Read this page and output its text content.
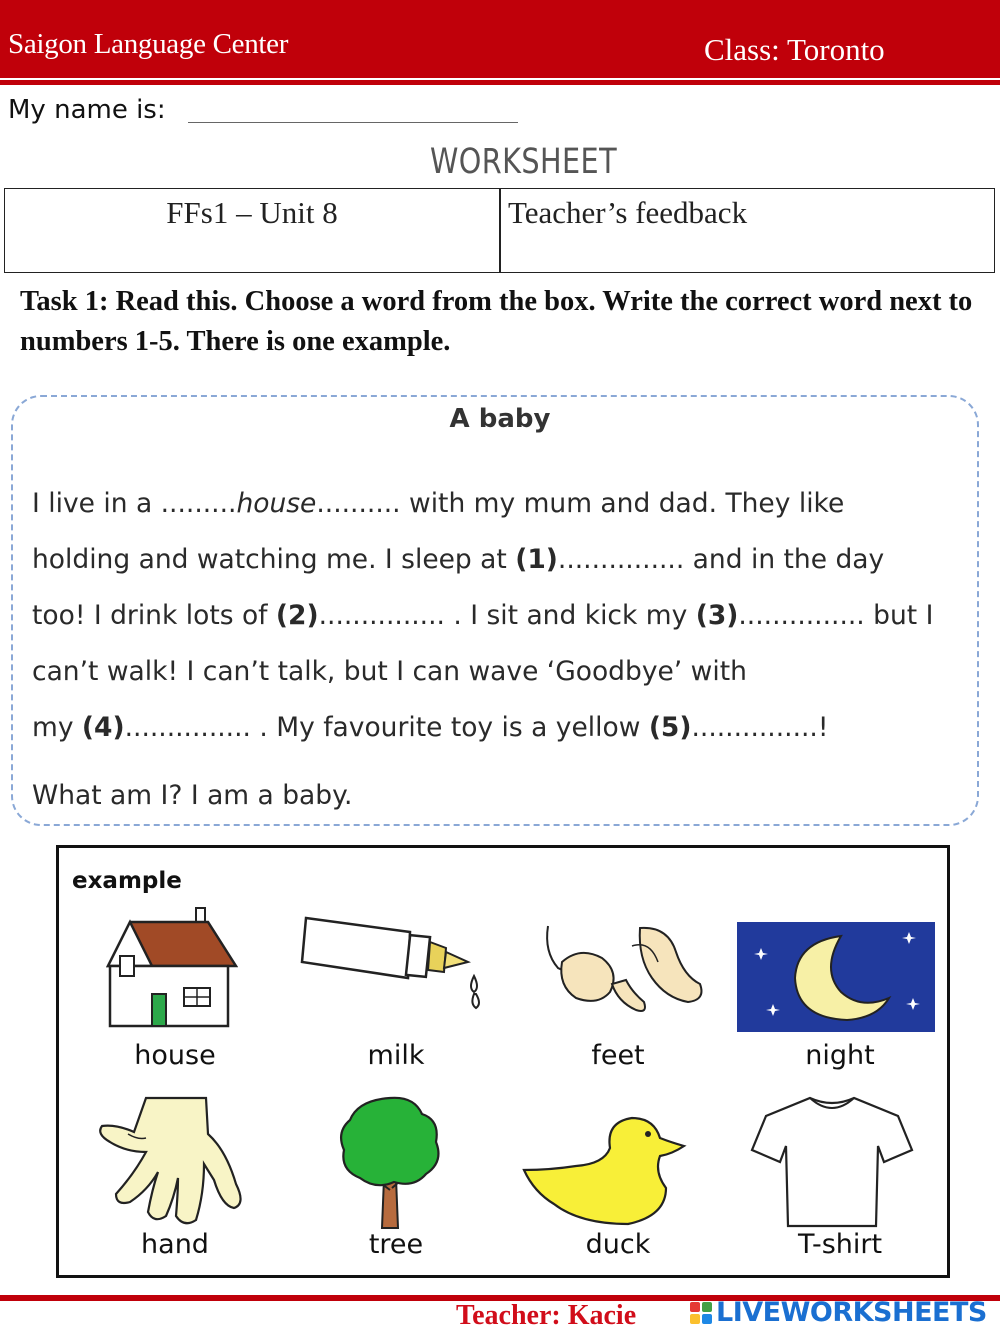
Saigon Language Center	Class: Toronto
My name is:
WORKSHEET
FFs1 – Unit 8	Teacher’s feedback
Task 1: Read this. Choose a word from the box. Write the correct word next to numbers 1-5. There is one example.
A baby
I live in a .........house.......... with my mum and dad. They like
holding and watching me. I sleep at (1)............... and in the day
too! I drink lots of (2)............... . I sit and kick my (3)............... but I
can’t walk! I can’t talk, but I can wave ‘Goodbye’ with
my (4)............... . My favourite toy is a yellow (5)...............!
What am I? I am a baby.
example
house	milk	feet	night
hand	tree	duck	T-shirt
Teacher: Kacie	LIVEWORKSHEETS
